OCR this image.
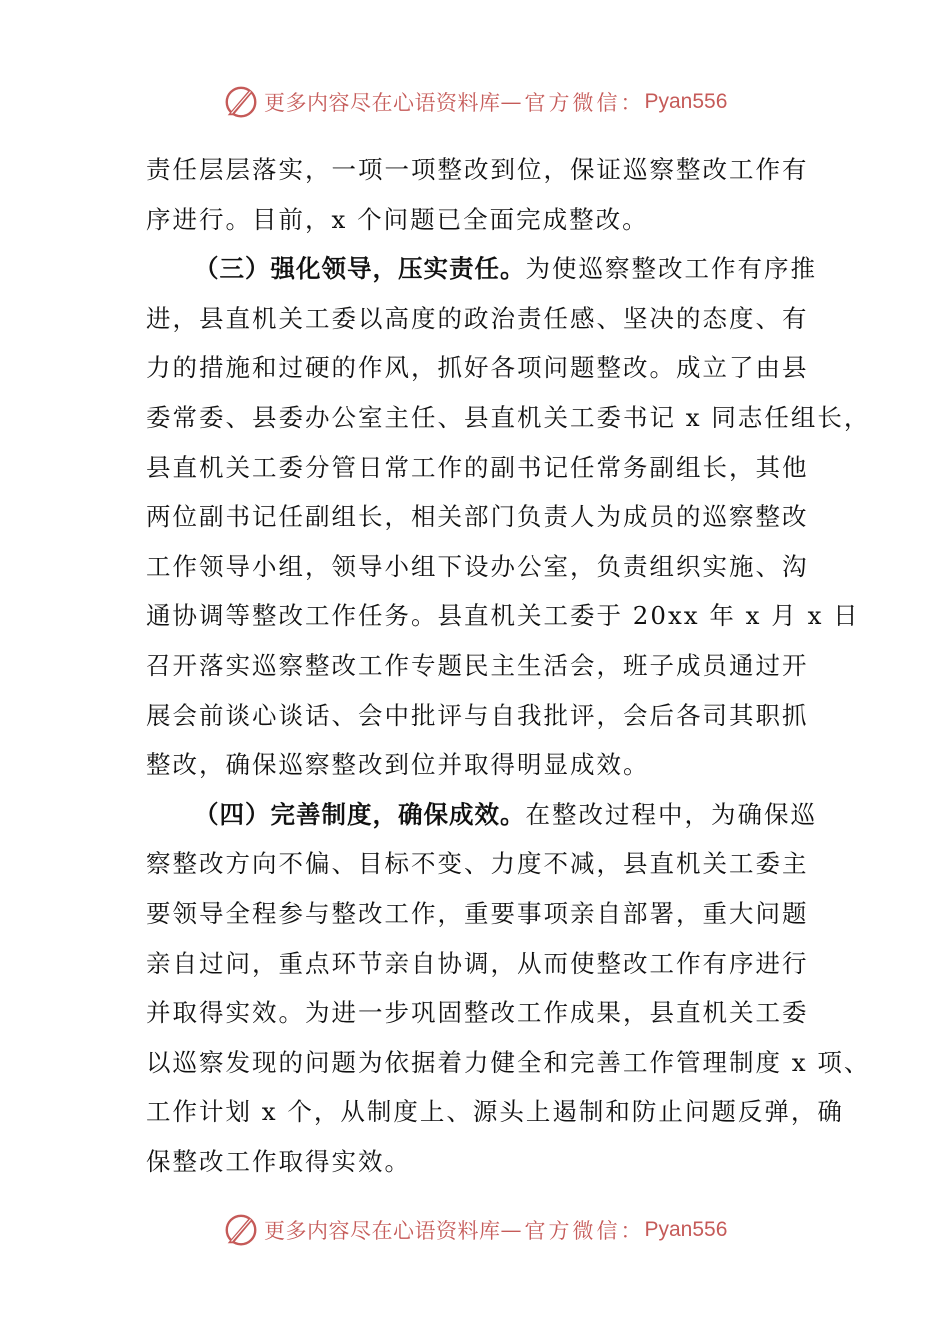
更多内容尽在心语资料库 — 官方微信： Pyan556
责任层层落实，一项一项整改到位，保证巡察整改工作有
序进行。目前，x 个问题已全面完成整改。
（三）强化领导，压实责任。为使巡察整改工作有序推
进，县直机关工委以高度的政治责任感、坚决的态度、有
力的措施和过硬的作风，抓好各项问题整改。成立了由县
委常委、县委办公室主任、县直机关工委书记 x 同志任组长，
县直机关工委分管日常工作的副书记任常务副组长，其他
两位副书记任副组长，相关部门负责人为成员的巡察整改
工作领导小组，领导小组下设办公室，负责组织实施、沟
通协调等整改工作任务。县直机关工委于 20xx 年 x 月 x 日
召开落实巡察整改工作专题民主生活会，班子成员通过开
展会前谈心谈话、会中批评与自我批评，会后各司其职抓
整改，确保巡察整改到位并取得明显成效。
（四）完善制度，确保成效。在整改过程中，为确保巡
察整改方向不偏、目标不变、力度不减，县直机关工委主
要领导全程参与整改工作，重要事项亲自部署，重大问题
亲自过问，重点环节亲自协调，从而使整改工作有序进行
并取得实效。为进一步巩固整改工作成果，县直机关工委
以巡察发现的问题为依据着力健全和完善工作管理制度 x 项、
工作计划 x 个，从制度上、源头上遏制和防止问题反弹，确
保整改工作取得实效。
更多内容尽在心语资料库 — 官方微信： Pyan556
